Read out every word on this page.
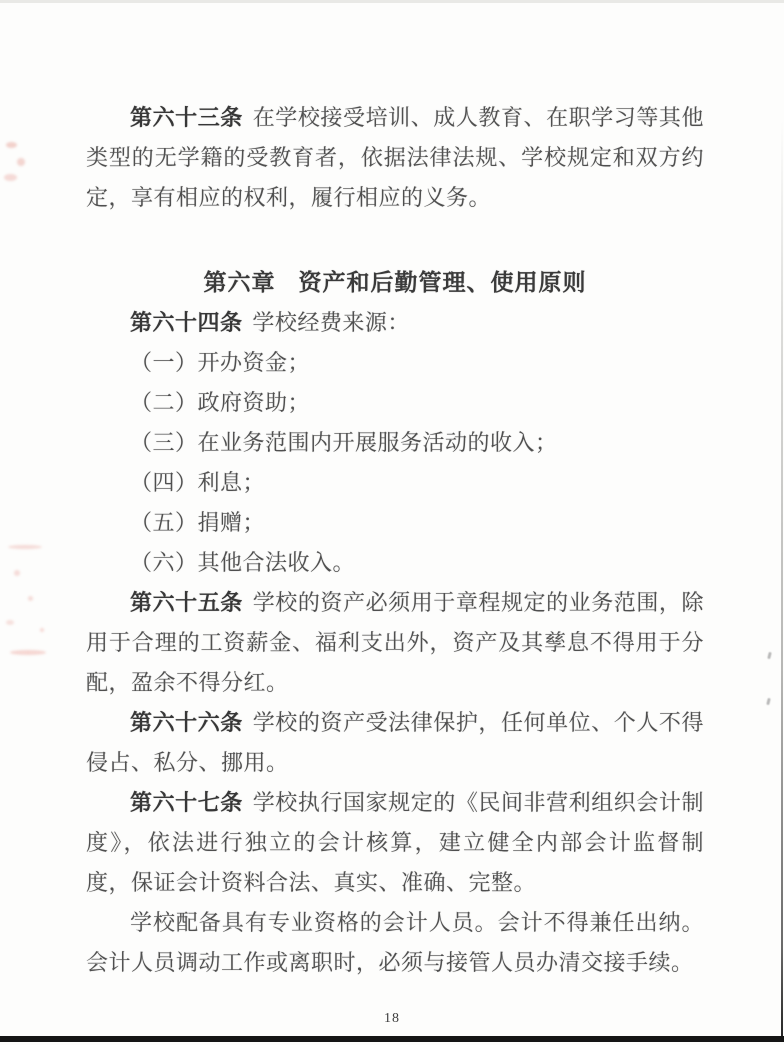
第六十三条 在学校接受培训、成人教育、在职学习等其他类型的无学籍的受教育者，依据法律法规、学校规定和双方约定，享有相应的权利，履行相应的义务。

第六章 资产和后勤管理、使用原则

第六十四条 学校经费来源：

（一）开办资金；

（二）政府资助；

（三）在业务范围内开展服务活动的收入；

（四）利息；

（五）捐赠；

（六）其他合法收入。

第六十五条 学校的资产必须用于章程规定的业务范围，除用于合理的工资薪金、福利支出外，资产及其孳息不得用于分配，盈余不得分红。

第六十六条 学校的资产受法律保护，任何单位、个人不得侵占、私分、挪用。

第六十七条 学校执行国家规定的《民间非营利组织会计制度》，依法进行独立的会计核算，建立健全内部会计监督制度，保证会计资料合法、真实、准确、完整。

学校配备具有专业资格的会计人员。会计不得兼任出纳。会计人员调动工作或离职时，必须与接管人员办清交接手续。

18
